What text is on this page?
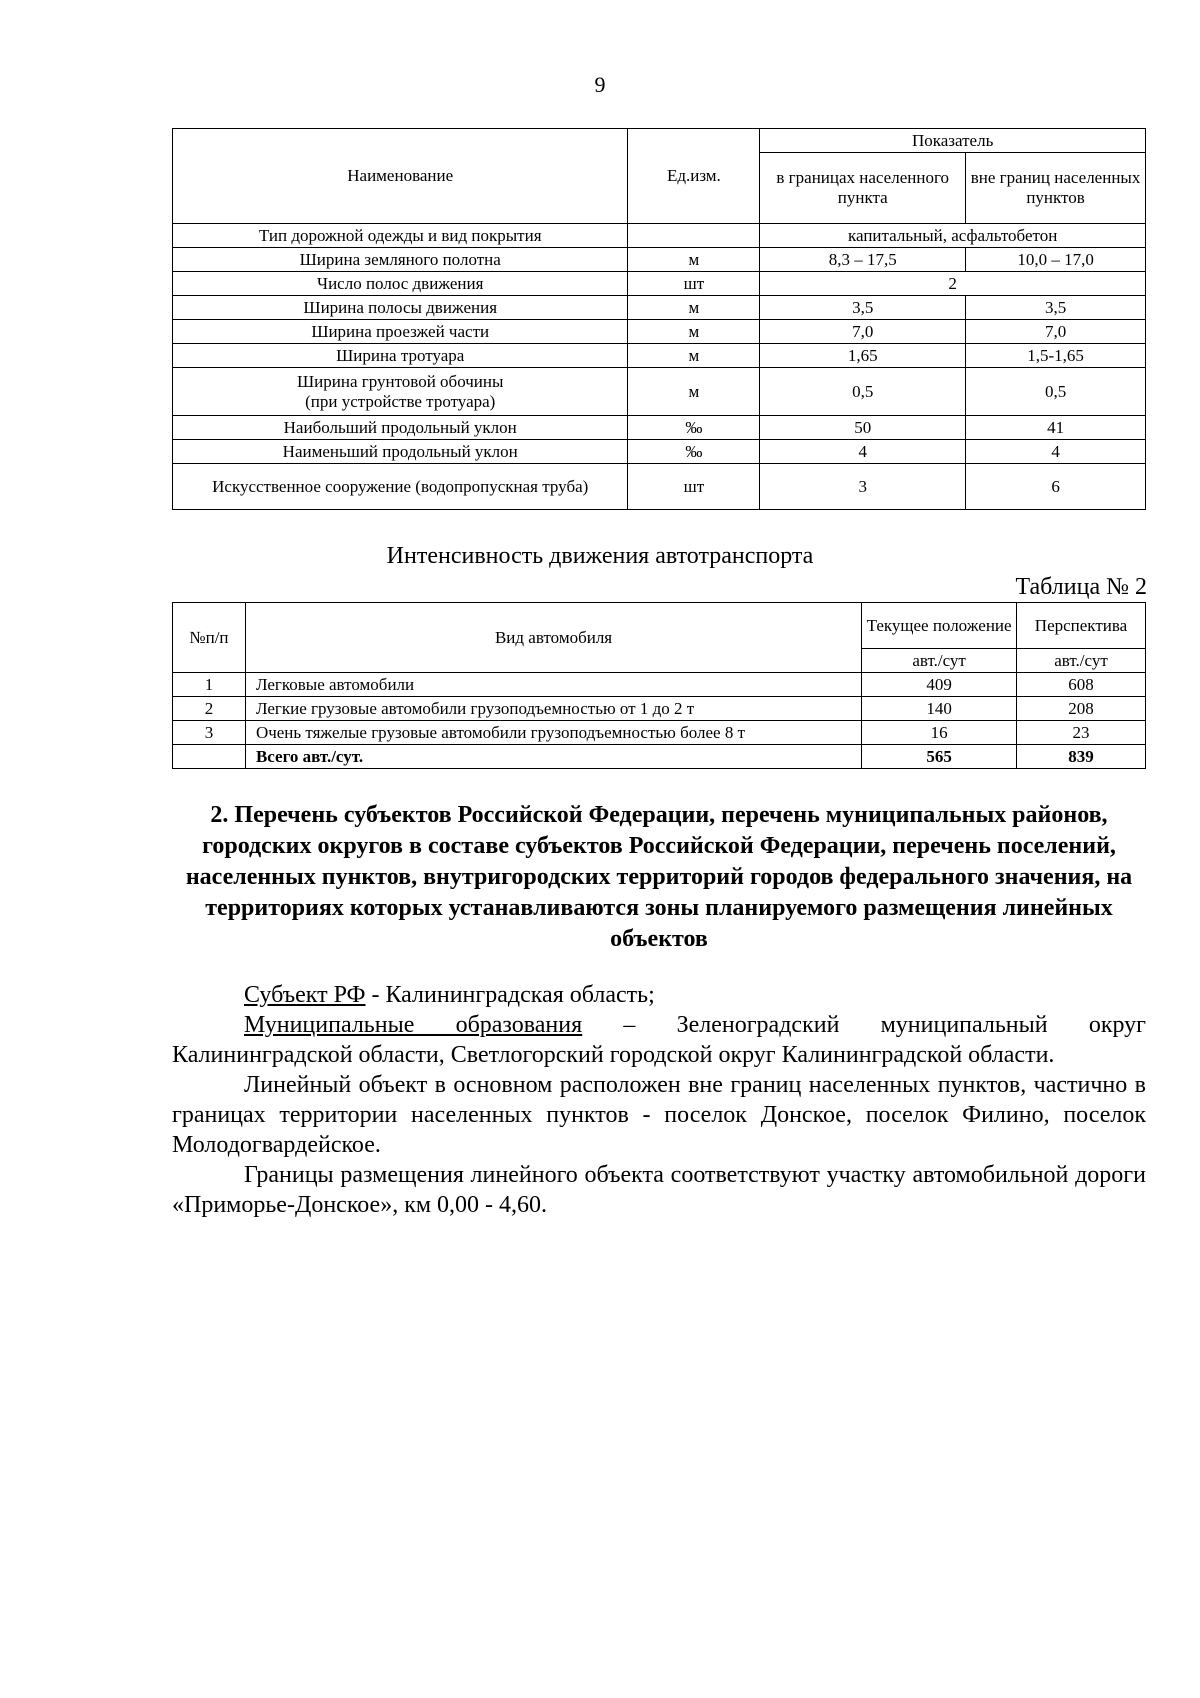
9
Наименование	Ед.изм.	Показатель	
		в границах населенного пункта	вне границ населенных пунктов
Тип дорожной одежды и вид покрытия		капитальный, асфальтобетон	
Ширина земляного полотна	м	8,3 – 17,5	10,0 – 17,0
Число полос движения	шт	2	
Ширина полосы движения	м	3,5	3,5
Ширина проезжей части	м	7,0	7,0
Ширина тротуара	м	1,65	1,5-1,65
Ширина грунтовой обочины
(при устройстве тротуара)	м	0,5	0,5
Наибольший продольный уклон	‰	50	41
Наименьший продольный уклон	‰	4	4
Искусственное сооружение (водопропускная труба)	шт	3	6
Интенсивность движения автотранспорта
Таблица № 2
№п/п	Вид автомобиля	Текущее положение	Перспектива
		авт./сут	авт./сут
1	Легковые автомобили	409	608
2	Легкие грузовые автомобили грузоподъемностью от 1 до 2 т	140	208
3	Очень тяжелые грузовые автомобили грузоподъемностью более 8 т	16	23
	Всего авт./сут.	565	839
2. Перечень субъектов Российской Федерации, перечень муниципальных районов, городских округов в составе субъектов Российской Федерации, перечень поселений, населенных пунктов, внутригородских территорий городов федерального значения, на территориях которых устанавливаются зоны планируемого размещения линейных объектов

Субъект РФ - Калининградская область;

Муниципальные образования – Зеленоградский муниципальный округ Калининградской области, Светлогорский городской округ Калининградской области.

Линейный объект в основном расположен вне границ населенных пунктов, частично в границах территории населенных пунктов - поселок Донское, поселок Филино, поселок Молодогвардейское.

Границы размещения линейного объекта соответствуют участку автомобильной дороги «Приморье-Донское», км 0,00 - 4,60.
